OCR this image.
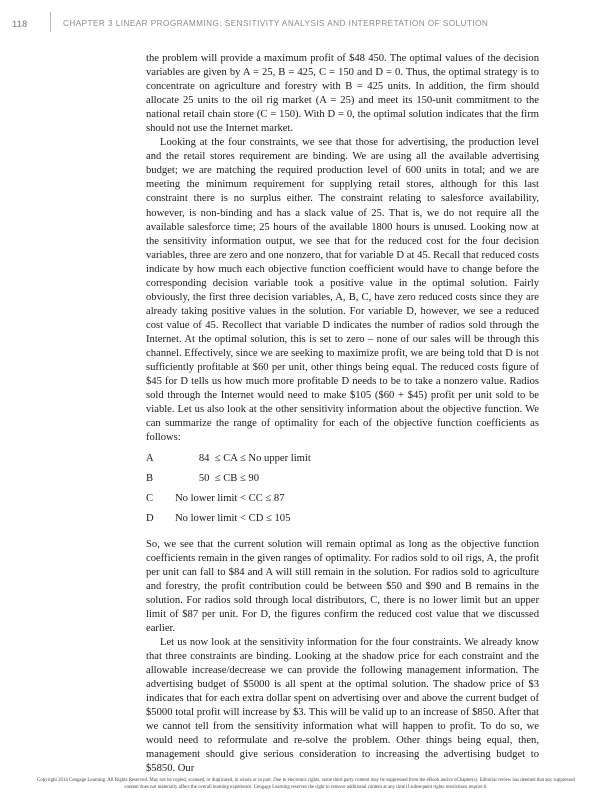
118	CHAPTER 3 LINEAR PROGRAMMING: SENSITIVITY ANALYSIS AND INTERPRETATION OF SOLUTION

the problem will provide a maximum profit of $48 450. The optimal values of the decision variables are given by A = 25, B = 425, C = 150 and D = 0. Thus, the optimal strategy is to concentrate on agriculture and forestry with B = 425 units. In addition, the firm should allocate 25 units to the oil rig market (A = 25) and meet its 150-unit commitment to the national retail chain store (C = 150). With D = 0, the optimal solution indicates that the firm should not use the Internet market.

Looking at the four constraints, we see that those for advertising, the production level and the retail stores requirement are binding. We are using all the available advertising budget; we are matching the required production level of 600 units in total; and we are meeting the minimum requirement for supplying retail stores, although for this last constraint there is no surplus either. The constraint relating to salesforce availability, however, is non-binding and has a slack value of 25. That is, we do not require all the available salesforce time; 25 hours of the available 1800 hours is unused. Looking now at the sensitivity information output, we see that for the reduced cost for the four decision variables, three are zero and one nonzero, that for variable D at 45. Recall that reduced costs indicate by how much each objective function coefficient would have to change before the corresponding decision variable took a positive value in the optimal solution. Fairly obviously, the first three decision variables, A, B, C, have zero reduced costs since they are already taking positive values in the solution. For variable D, however, we see a reduced cost value of 45. Recollect that variable D indicates the number of radios sold through the Internet. At the optimal solution, this is set to zero – none of our sales will be through this channel. Effectively, since we are seeking to maximize profit, we are being told that D is not sufficiently profitable at $60 per unit, other things being equal. The reduced costs figure of $45 for D tells us how much more profitable D needs to be to take a nonzero value. Radios sold through the Internet would need to make $105 ($60 + $45) profit per unit sold to be viable. Let us also look at the other sensitivity information about the objective function. We can summarize the range of optimality for each of the objective function coefficients as follows:

A 84  ≤ CA ≤ No upper limit
B 50  ≤ CB ≤ 90
C No lower limit < CC ≤ 87
D No lower limit < CD ≤ 105

So, we see that the current solution will remain optimal as long as the objective function coefficients remain in the given ranges of optimality. For radios sold to oil rigs, A, the profit per unit can fall to $84 and A will still remain in the solution. For radios sold to agriculture and forestry, the profit contribution could be between $50 and $90 and B remains in the solution. For radios sold through local distributors, C, there is no lower limit but an upper limit of $87 per unit. For D, the figures confirm the reduced cost value that we discussed earlier.

Let us now look at the sensitivity information for the four constraints. We already know that three constraints are binding. Looking at the shadow price for each constraint and the allowable increase/decrease we can provide the following management information. The advertising budget of $5000 is all spent at the optimal solution. The shadow price of $3 indicates that for each extra dollar spent on advertising over and above the current budget of $5000 total profit will increase by $3. This will be valid up to an increase of $850. After that we cannot tell from the sensitivity information what will happen to profit. To do so, we would need to reformulate and re-solve the problem. Other things being equal, then, management should give serious consideration to increasing the advertising budget to $5850. Our

Copyright 2014 Cengage Learning. All Rights Reserved. May not be copied, scanned, or duplicated, in whole or in part. Due to electronic rights, some third party content may be suppressed from the eBook and/or eChapter(s). Editorial review has deemed that any suppressed content does not materially affect the overall learning experience. Cengage Learning reserves the right to remove additional content at any time if subsequent rights restrictions require it.
